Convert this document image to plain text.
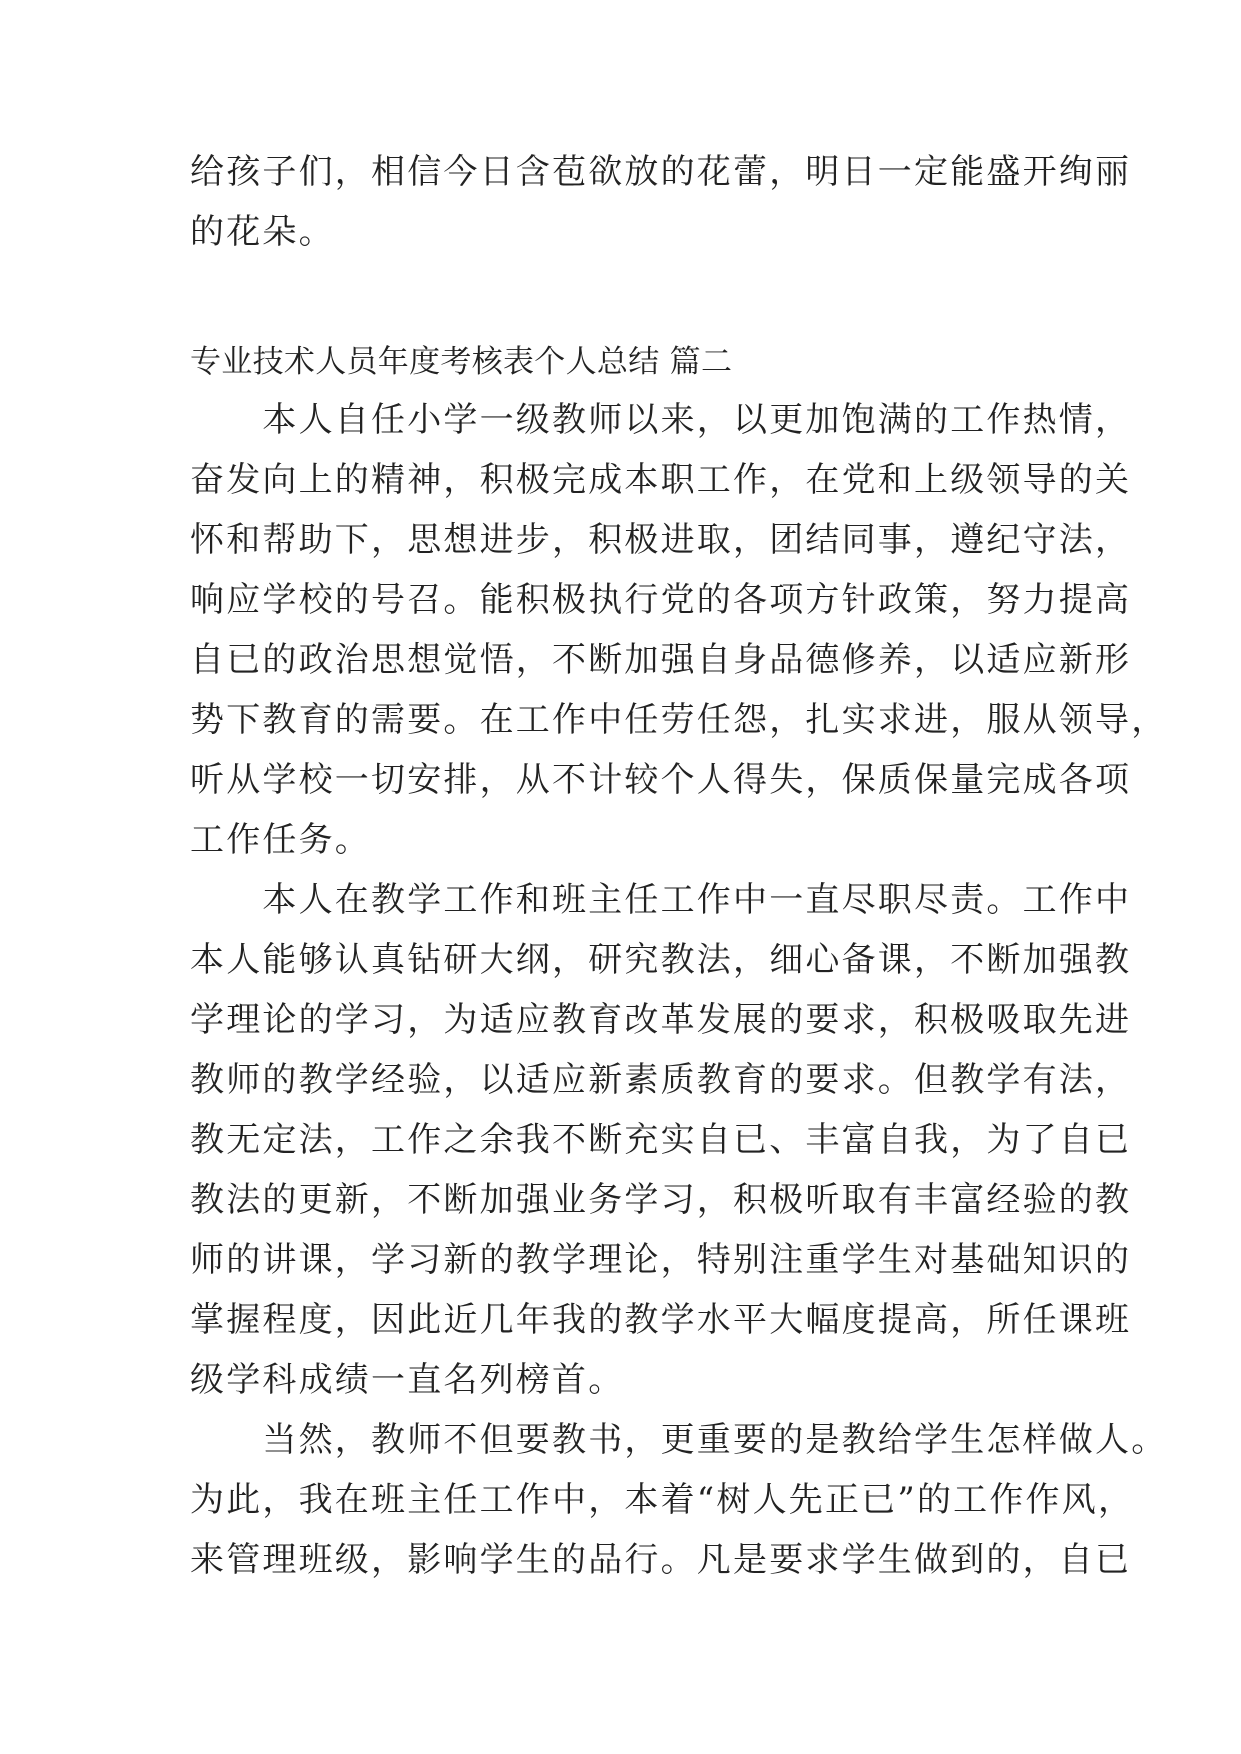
给孩子们，相信今日含苞欲放的花蕾，明日一定能盛开绚丽
的花朵。
专业技术人员年度考核表个人总结 篇二
　　本人自任小学一级教师以来，以更加饱满的工作热情，
奋发向上的精神，积极完成本职工作，在党和上级领导的关
怀和帮助下，思想进步，积极进取，团结同事，遵纪守法，
响应学校的号召。能积极执行党的各项方针政策，努力提高
自已的政治思想觉悟，不断加强自身品德修养，以适应新形
势下教育的需要。在工作中任劳任怨，扎实求进，服从领导，
听从学校一切安排，从不计较个人得失，保质保量完成各项
工作任务。
　　本人在教学工作和班主任工作中一直尽职尽责。工作中
本人能够认真钻研大纲，研究教法，细心备课，不断加强教
学理论的学习，为适应教育改革发展的要求，积极吸取先进
教师的教学经验，以适应新素质教育的要求。但教学有法，
教无定法，工作之余我不断充实自已、丰富自我，为了自已
教法的更新，不断加强业务学习，积极听取有丰富经验的教
师的讲课，学习新的教学理论，特别注重学生对基础知识的
掌握程度，因此近几年我的教学水平大幅度提高，所任课班
级学科成绩一直名列榜首。
　　当然，教师不但要教书，更重要的是教给学生怎样做人。
为此，我在班主任工作中，本着“树人先正已”的工作作风，
来管理班级，影响学生的品行。凡是要求学生做到的，自已
